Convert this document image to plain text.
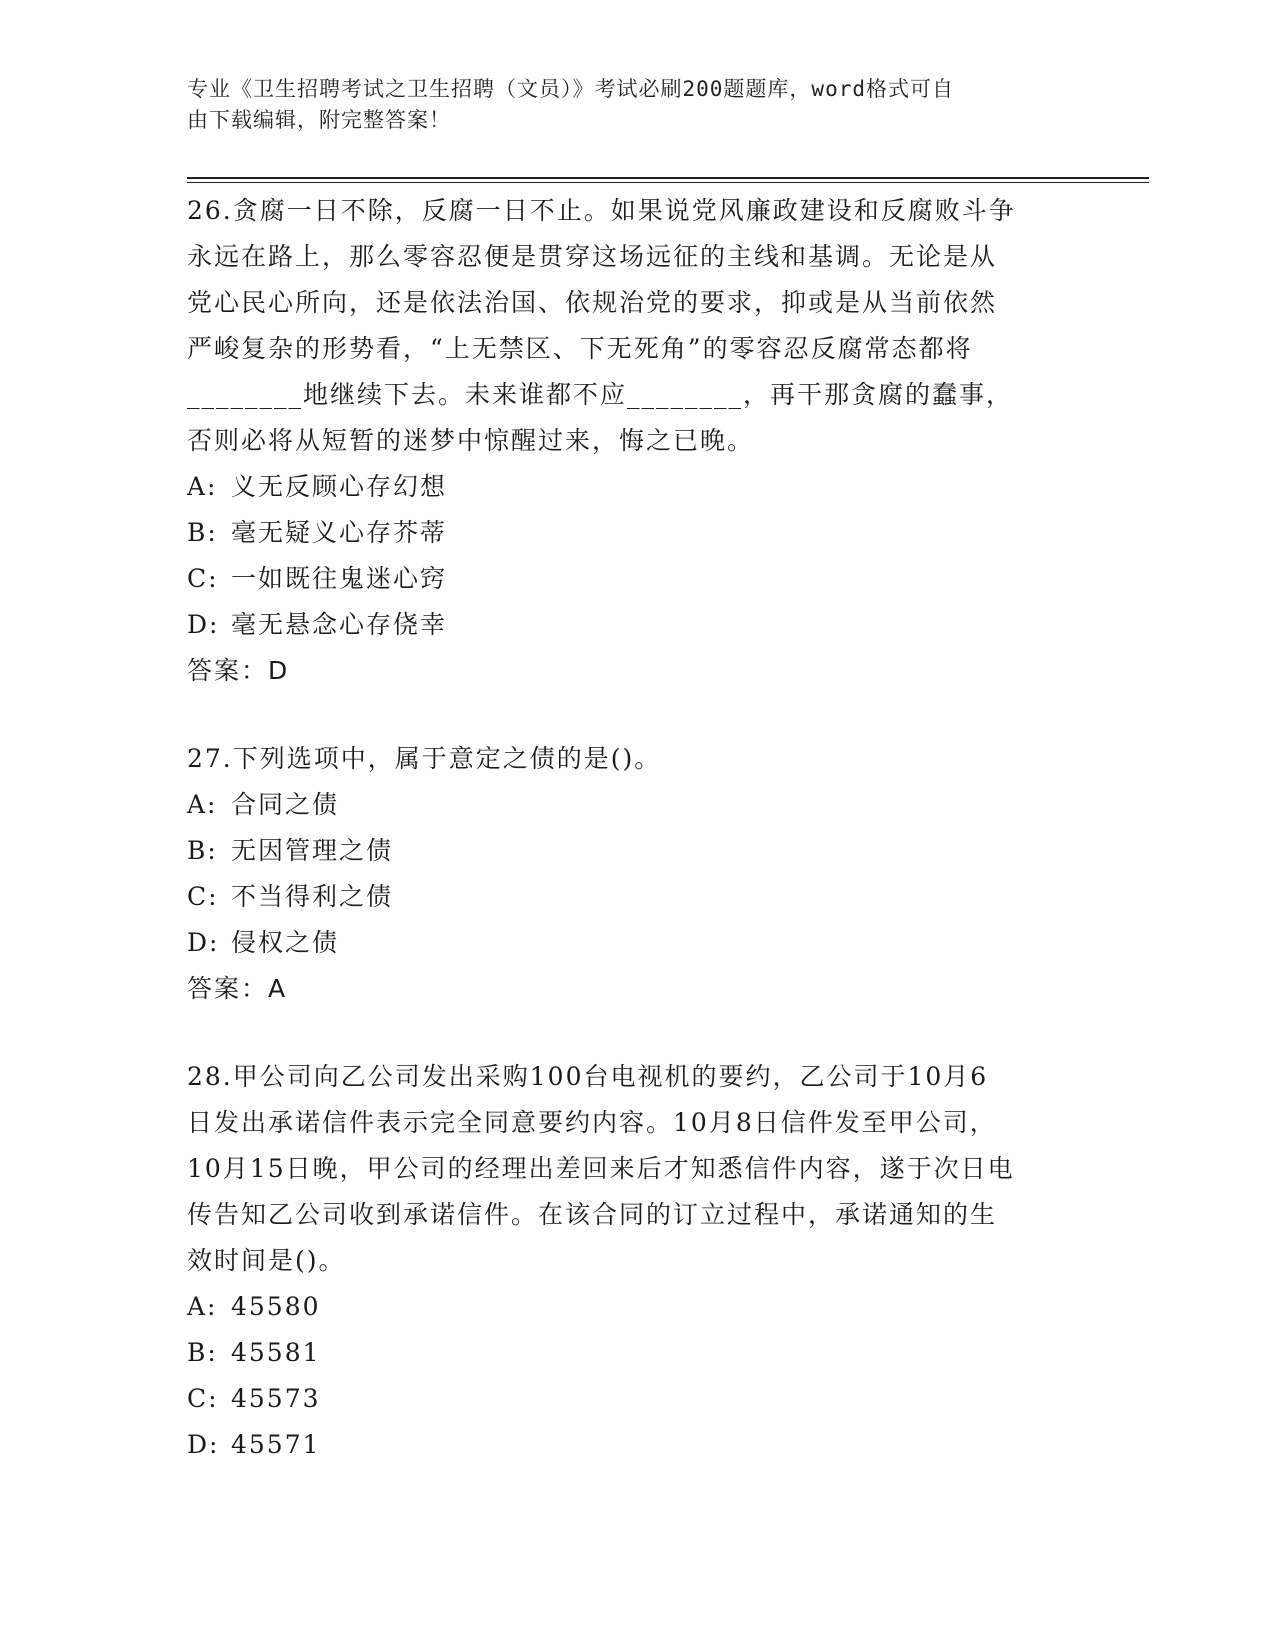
专业《卫生招聘考试之卫生招聘（文员）》考试必刷200题题库，word格式可自
由下载编辑，附完整答案！
26.贪腐一日不除，反腐一日不止。如果说党风廉政建设和反腐败斗争
永远在路上，那么零容忍便是贯穿这场远征的主线和基调。无论是从
党心民心所向，还是依法治国、依规治党的要求，抑或是从当前依然
严峻复杂的形势看，“上无禁区、下无死角”的零容忍反腐常态都将
________地继续下去。未来谁都不应________，再干那贪腐的蠢事，
否则必将从短暂的迷梦中惊醒过来，悔之已晚。
A: 义无反顾心存幻想
B: 毫无疑义心存芥蒂
C: 一如既往鬼迷心窍
D: 毫无悬念心存侥幸
答案：D
27.下列选项中，属于意定之债的是()。
A: 合同之债
B: 无因管理之债
C: 不当得利之债
D: 侵权之债
答案：A
28.甲公司向乙公司发出采购100台电视机的要约，乙公司于10月6
日发出承诺信件表示完全同意要约内容。10月8日信件发至甲公司，
10月15日晚，甲公司的经理出差回来后才知悉信件内容，遂于次日电
传告知乙公司收到承诺信件。在该合同的订立过程中，承诺通知的生
效时间是()。
A: 45580
B: 45581
C: 45573
D: 45571
